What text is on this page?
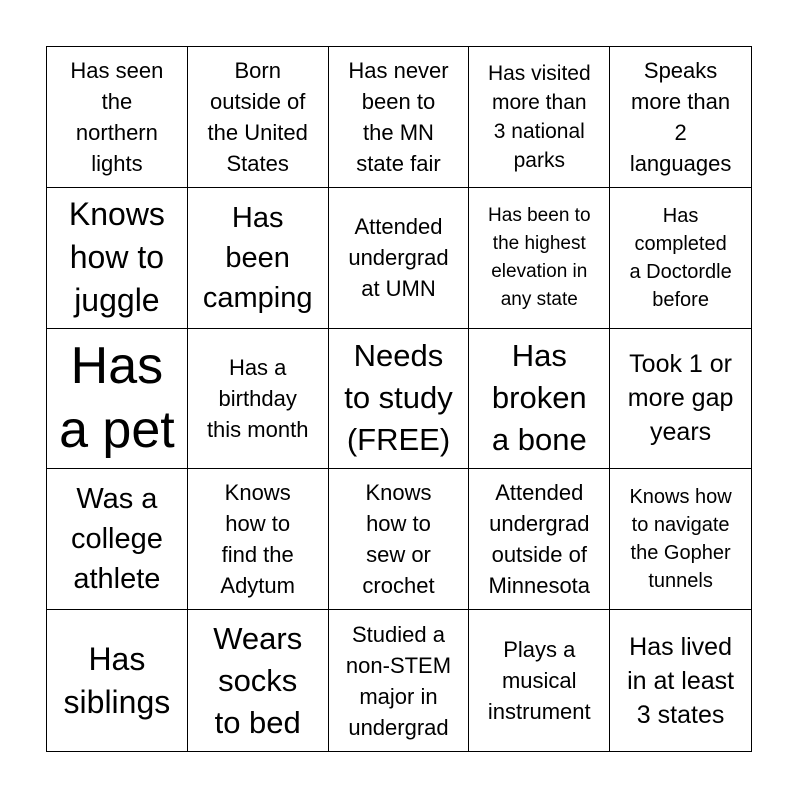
Has seen
the
northern
lights
Born
outside of
the United
States
Has never
been to
the MN
state fair
Has visited
more than
3 national
parks
Speaks
more than
2
languages
Knows
how to
juggle
Has
been
camping
Attended
undergrad
at UMN
Has been to
the highest
elevation in
any state
Has
completed
a Doctordle
before
Has
a pet
Has a
birthday
this month
Needs
to study
(FREE)
Has
broken
a bone
Took 1 or
more gap
years
Was a
college
athlete
Knows
how to
find the
Adytum
Knows
how to
sew or
crochet
Attended
undergrad
outside of
Minnesota
Knows how
to navigate
the Gopher
tunnels
Has
siblings
Wears
socks
to bed
Studied a
non-STEM
major in
undergrad
Plays a
musical
instrument
Has lived
in at least
3 states
